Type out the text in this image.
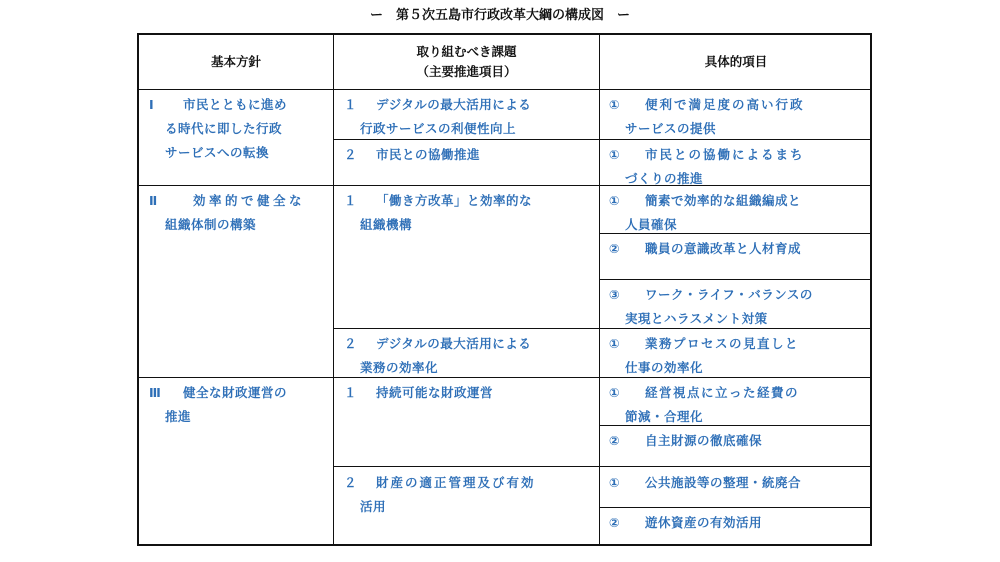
ー　第５次五島市行政改革大綱の構成図　ー
基本方針
取り組むべき課題
（主要推進項目）
具体的項目
Ⅰ 市民とともに進め
る時代に即した行政
サービスへの転換
Ⅱ	効率的で健全な
組織体制の構築
Ⅲ 健全な財政運営の
推進
１ デジタルの最大活用による
行政サービスの利便性向上
２ 市民との協働推進
１ 「働き方改革」と効率的な
組織機構
２ デジタルの最大活用による
業務の効率化
１ 持続可能な財政運営
２ 財産の適正管理及び有効
活用
① 便利で満足度の高い行政
サービスの提供
① 市民との協働によるまち
づくりの推進
① 簡素で効率的な組織編成と
人員確保
② 職員の意識改革と人材育成
③ ワーク・ライフ・バランスの
実現とハラスメント対策
① 業務プロセスの見直しと
仕事の効率化
① 経営視点に立った経費の
節減・合理化
② 自主財源の徹底確保
① 公共施設等の整理・統廃合
② 遊休資産の有効活用
